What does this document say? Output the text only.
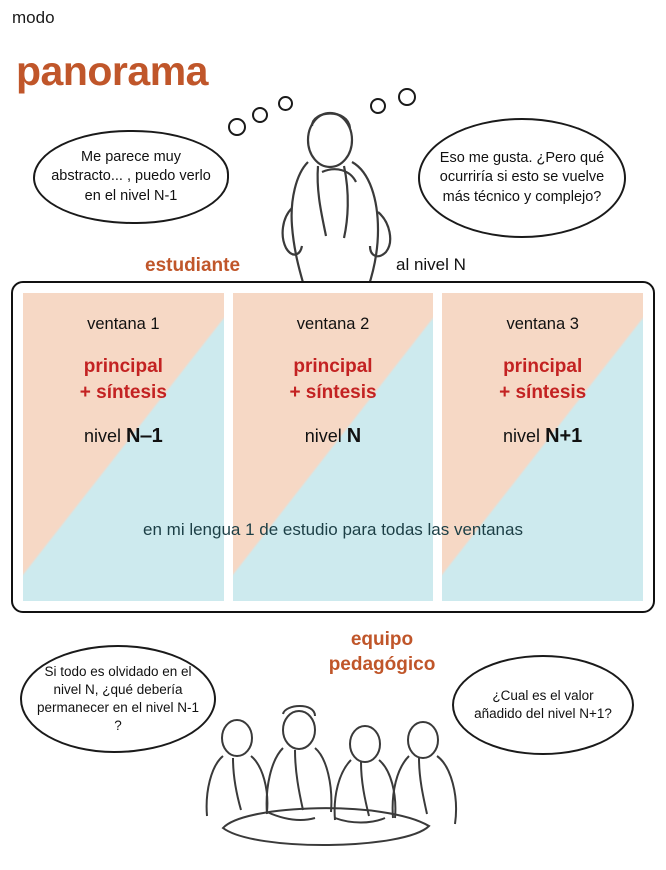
modo
panorama
Me parece muy abstracto... , puedo verlo en el nivel N-1
Eso me gusta. ¿Pero qué ocurriría si esto se vuelve más técnico y complejo?
estudiante	al nivel N
ventana 1
principal
+ síntesis
nivel N‒1
ventana 2
principal
+ síntesis
nivel N
ventana 3
principal
+ síntesis
nivel N+1
en mi lengua 1 de estudio para todas las ventanas
equipo
pedagógico
Si todo es olvidado en el nivel N, ¿qué debería permanecer en el nivel N-1 ?
¿Cual es el valor añadido del nivel N+1?
